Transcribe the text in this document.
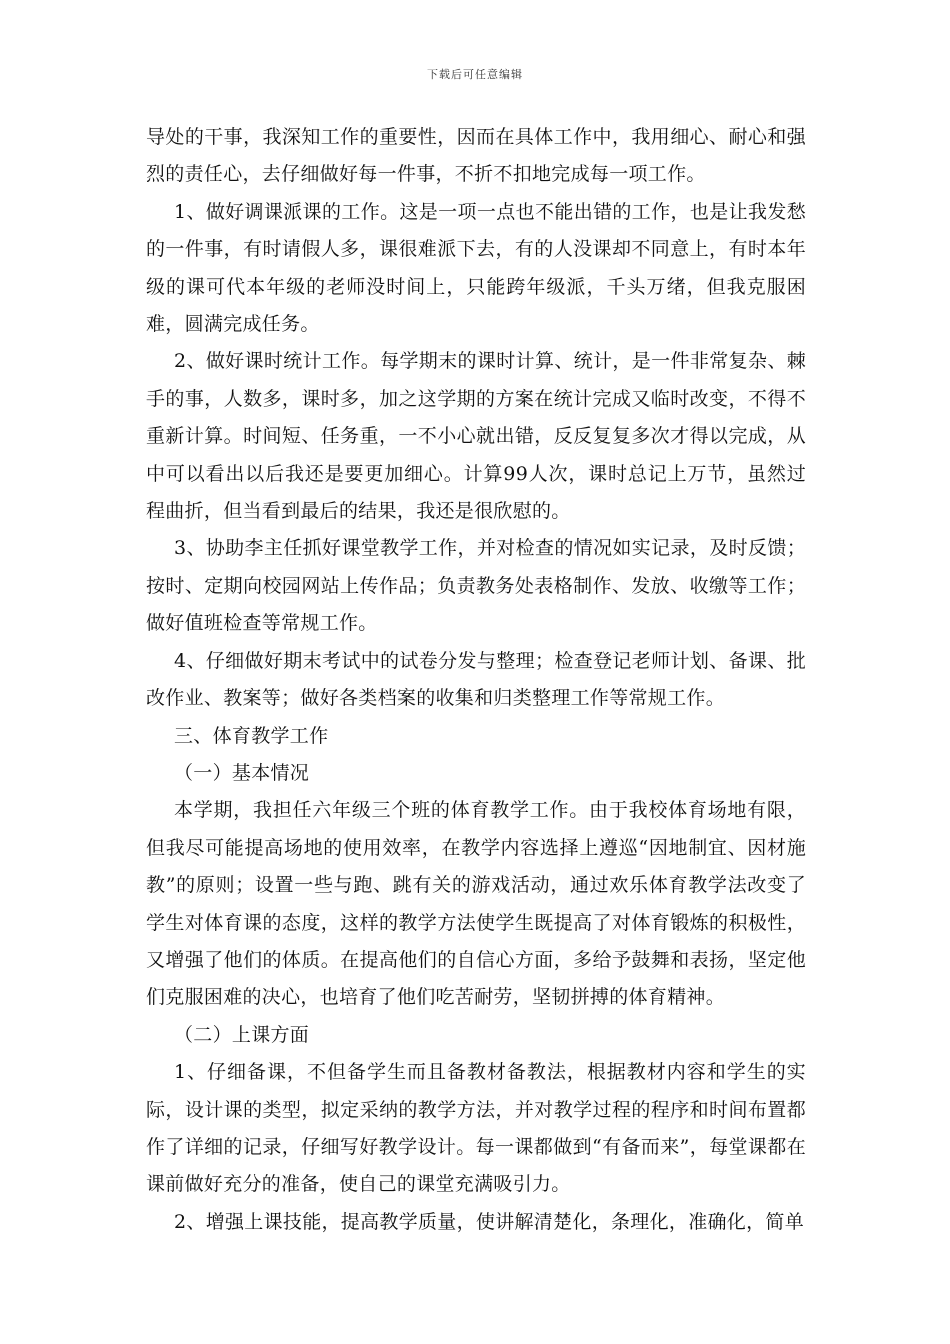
下载后可任意编辑

导处的干事，我深知工作的重要性，因而在具体工作中，我用细心、耐心和强烈的责任心，去仔细做好每一件事，不折不扣地完成每一项工作。

1、做好调课派课的工作。这是一项一点也不能出错的工作，也是让我发愁的一件事，有时请假人多，课很难派下去，有的人没课却不同意上，有时本年级的课可代本年级的老师没时间上，只能跨年级派，千头万绪，但我克服困难，圆满完成任务。

2、做好课时统计工作。每学期末的课时计算、统计，是一件非常复杂、棘手的事，人数多，课时多，加之这学期的方案在统计完成又临时改变，不得不重新计算。时间短、任务重，一不小心就出错，反反复复多次才得以完成，从中可以看出以后我还是要更加细心。计算99人次，课时总记上万节，虽然过程曲折，但当看到最后的结果，我还是很欣慰的。

3、协助李主任抓好课堂教学工作，并对检查的情况如实记录，及时反馈；按时、定期向校园网站上传作品；负责教务处表格制作、发放、收缴等工作；做好值班检查等常规工作。

4、仔细做好期末考试中的试卷分发与整理；检查登记老师计划、备课、批改作业、教案等；做好各类档案的收集和归类整理工作等常规工作。

三、体育教学工作

（一）基本情况

本学期，我担任六年级三个班的体育教学工作。由于我校体育场地有限，但我尽可能提高场地的使用效率，在教学内容选择上遵巡“因地制宜、因材施教”的原则；设置一些与跑、跳有关的游戏活动，通过欢乐体育教学法改变了学生对体育课的态度，这样的教学方法使学生既提高了对体育锻炼的积极性，又增强了他们的体质。在提高他们的自信心方面，多给予鼓舞和表扬，坚定他们克服困难的决心，也培育了他们吃苦耐劳，坚韧拼搏的体育精神。

（二）上课方面

1、仔细备课，不但备学生而且备教材备教法，根据教材内容和学生的实际，设计课的类型，拟定采纳的教学方法，并对教学过程的程序和时间布置都作了详细的记录，仔细写好教学设计。每一课都做到“有备而来”，每堂课都在课前做好充分的准备，使自己的课堂充满吸引力。

2、增强上课技能，提高教学质量，使讲解清楚化，条理化，准确化，简单
